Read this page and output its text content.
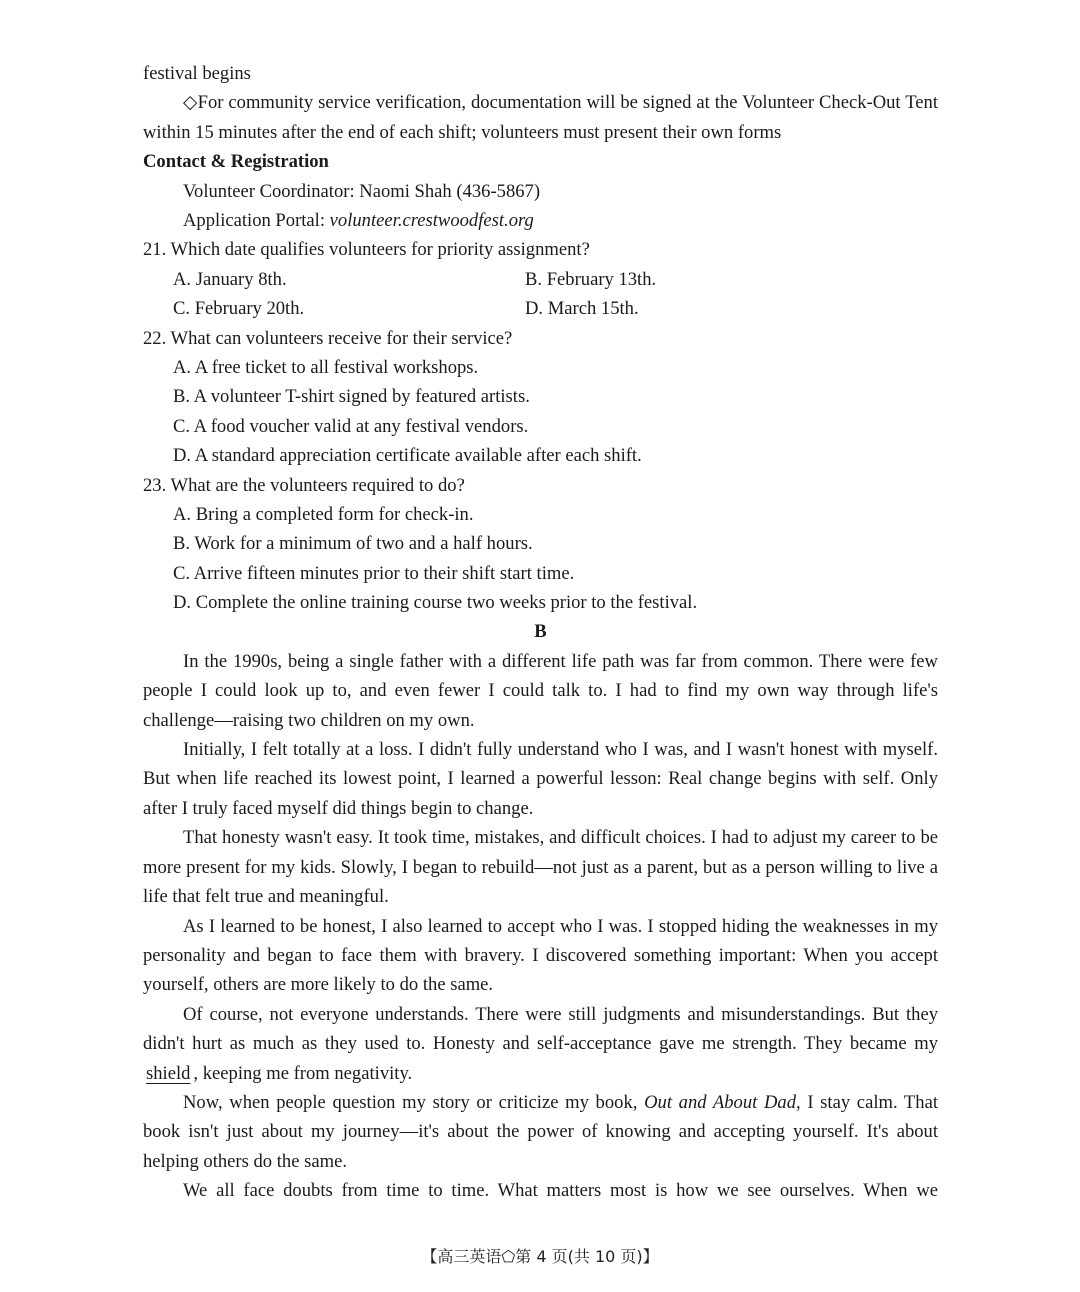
festival begins

◇For community service verification, documentation will be signed at the Volunteer Check-Out Tent within 15 minutes after the end of each shift; volunteers must present their own forms

Contact & Registration
Volunteer Coordinator: Naomi Shah (436-5867)
Application Portal: volunteer.crestwoodfest.org
21. Which date qualifies volunteers for priority assignment?
A. January 8th.	B. February 13th.
C. February 20th.	D. March 15th.
22. What can volunteers receive for their service?
A. A free ticket to all festival workshops.
B. A volunteer T-shirt signed by featured artists.
C. A food voucher valid at any festival vendors.
D. A standard appreciation certificate available after each shift.
23. What are the volunteers required to do?
A. Bring a completed form for check-in.
B. Work for a minimum of two and a half hours.
C. Arrive fifteen minutes prior to their shift start time.
D. Complete the online training course two weeks prior to the festival.
B

In the 1990s, being a single father with a different life path was far from common. There were few people I could look up to, and even fewer I could talk to. I had to find my own way through life's challenge—raising two children on my own.

Initially, I felt totally at a loss. I didn't fully understand who I was, and I wasn't honest with myself. But when life reached its lowest point, I learned a powerful lesson: Real change begins with self. Only after I truly faced myself did things begin to change.

That honesty wasn't easy. It took time, mistakes, and difficult choices. I had to adjust my career to be more present for my kids. Slowly, I began to rebuild—not just as a parent, but as a person willing to live a life that felt true and meaningful.

As I learned to be honest, I also learned to accept who I was. I stopped hiding the weaknesses in my personality and began to face them with bravery. I discovered something important: When you accept yourself, others are more likely to do the same.

Of course, not everyone understands. There were still judgments and misunderstandings. But they didn't hurt as much as they used to. Honesty and self-acceptance gave me strength. They became my shield , keeping me from negativity.

Now, when people question my story or criticize my book, Out and About Dad, I stay calm. That book isn't just about my journey—it's about the power of knowing and accepting yourself. It's about helping others do the same.

We all face doubts from time to time. What matters most is how we see ourselves. When we

【高三英语⬠第 4 页(共 10 页)】
